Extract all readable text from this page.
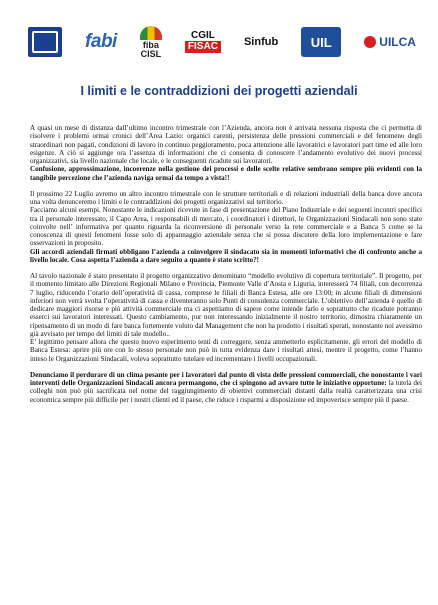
fabi	fiba
CISL
CGIL
FISAC Sinfub	UIL	UILCA
I limiti e le contraddizioni dei progetti aziendali

A quasi un mese di distanza dall’ultimo incontro trimestrale con l’Azienda, ancora non è arrivata nessuna risposta che ci permetta di risolvere i problemi ormai cronici dell’Area Lazio: organici carenti, persistenza delle pressioni commerciali e del fenomeno degli straordinari non pagati, condizioni di lavoro in continuo peggioramento, poca attenzione alle lavoratrici e lavoratori part time ed alle loro esigenze. A ciò si aggiunge ora l’assenza di informazioni che ci consenta di conoscere l’andamento evolutivo dei nuovi processi organizzativi, sia livello nazionale che locale, e le conseguenti ricadute sui lavoratori.

Confusione, approssimazione, incoerenze nella gestione dei processi e delle scelte relative sembrano sempre più evidenti con la tangibile percezione che l’azienda naviga ormai da tempo a vista!!

Il prossimo 22 Luglio avremo un altro incontro trimestrale con le strutture territoriali e di relazioni industriali della banca dove ancora una volta denunceremo i limiti e le contraddizioni dei progetti organizzativi sul territorio.

Facciamo alcuni esempi. Nonostante le indicazioni ricevute in fase di presentazione del Piano Industriale e dei seguenti incontri specifici tra il personale interessato, il Capo Area, i responsabili di mercato, i coordinatori i direttori, le Organizzazioni Sindacali non sono state coinvolte nell’ informativa per quanto riguarda la riconversione di personale verso la rete commerciale e a Banca 5 come se la conoscenza di questi fenomeni fosse solo di appannaggio aziendale senza che si possa discutere della loro implementazione e fare osservazioni in proposito.

Gli accordi aziendali firmati obbligano l’azienda a coinvolgere il sindacato sia in momenti informativi che di confronto anche a livello locale. Cosa aspetta l’azienda a dare seguito a quanto è stato scritto?!

Al tavolo nazionale è stato presentato il progetto organizzativo denominato “modello evolutivo di copertura territoriale”. Il progetto, per il momento limitato alle Direzioni Regionali Milano e Provincia, Piemonte Valle d’Aosta e Liguria, interesserà 74 filiali, con decorrenza 7 luglio, riducendo l’orario dell’operatività di cassa, comprese le filiali di Banca Estesa, alle ore 13:00; in alcune filiali di dimensioni inferiori non verrà svolta l’operatività di cassa e diventeranno solo Punti di consulenza commerciale. L’obiettivo dell’azienda è quello di dedicare maggiori risorse e più attività commerciale ma ci aspettiamo di sapere come intende farlo e soprattutto che ricadute potranno esserci sui lavoratori interessati. Questo cambiamento, pur non interessando inizialmente il nostro territorio, dimostra chiaramente un ripensamento di un modo di fare banca fortemente voluto dal Management che non ha prodotto i risultati sperati, nonostante noi avessimo già avvisato per tempo del limiti di tale modello..

E’ legittimo pensare allora che questo nuovo esperimento tenti di correggere, senza ammetterlo esplicitamente, gli errori del modello di Banca Estesa: aprire più ore con lo stesso personale non può in tutta evidenza dare i risultati attesi, mentre il progetto, come l’hanno inteso le Organizzazioni Sindacali, voleva soprattutto tutelare ed incrementare i livelli occupazionali.

Denunciamo il perdurare di un clima pesante per i lavoratori dal punto di vista delle pressioni commerciali, che nonostante i vari interventi delle Organizzazioni Sindacali ancora permangono, che ci spingono ad avvare tutte le iniziative opportune: la tutela dei colleghi non può più sacrificata nel nome del raggiungimento di obiettivi commerciali distanti dalla realtà caratterizzata una crisi economica sempre più difficile per i nostri clienti ed il paese, che riduce i risparmi a disposizione ed impoverisce sempre più il paese.
